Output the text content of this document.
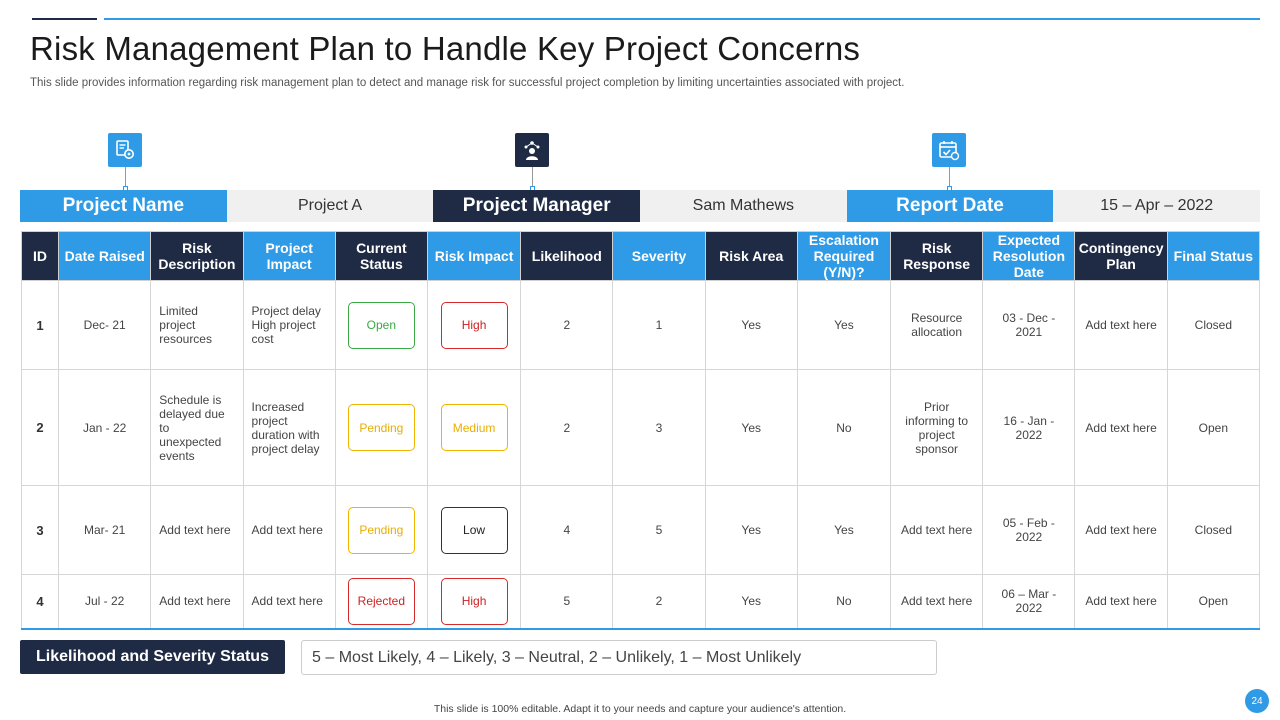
Risk Management Plan to Handle Key Project Concerns

This slide provides information regarding risk management plan to detect and manage risk for successful project completion by limiting uncertainties associated with project.

Project Name	Project A	Project Manager	Sam Mathews	Report Date	15 – Apr – 2022
ID	Date Raised	Risk Description	Project Impact	Current Status	Risk Impact	Likelihood	Severity	Risk Area	Escalation Required (Y/N)?	Risk Response	Expected Resolution Date	Contingency Plan	Final Status
1	Dec- 21	Limited project resources	Project delay High project cost	Open	High	2	1	Yes	Yes	Resource allocation	03 - Dec - 2021	Add text here	Closed
2	Jan - 22	Schedule is delayed due to unexpected events	Increased project duration with project delay	Pending	Medium	2	3	Yes	No	Prior informing to project sponsor	16 - Jan - 2022	Add text here	Open
3	Mar- 21	Add text here	Add text here	Pending	Low	4	5	Yes	Yes	Add text here	05 - Feb - 2022	Add text here	Closed
4	Jul - 22	Add text here	Add text here	Rejected	High	5	2	Yes	No	Add text here	06 – Mar - 2022	Add text here	Open
Likelihood and Severity Status	5 – Most Likely, 4 – Likely, 3 – Neutral, 2 – Unlikely, 1 – Most Unlikely
This slide is 100% editable. Adapt it to your needs and capture your audience's attention.
24
